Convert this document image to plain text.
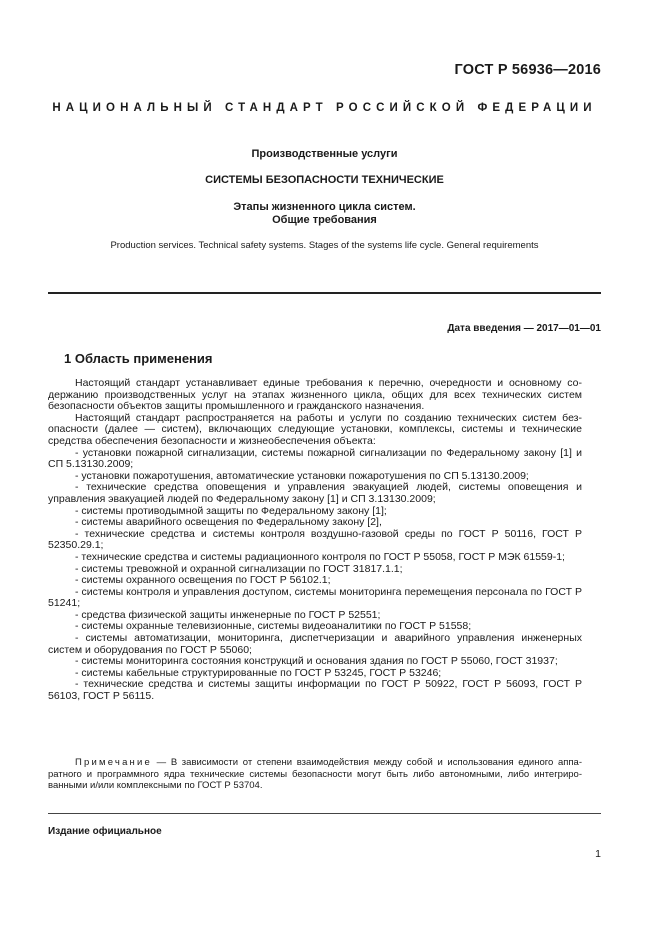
ГОСТ Р 56936—2016
НАЦИОНАЛЬНЫЙ СТАНДАРТ РОССИЙСКОЙ ФЕДЕРАЦИИ
Производственные услуги
СИСТЕМЫ БЕЗОПАСНОСТИ ТЕХНИЧЕСКИЕ
Этапы жизненного цикла систем.
Общие требования
Production services. Technical safety systems. Stages of the systems life cycle. General requirements
Дата введения — 2017—01—01
1 Область применения

Настоящий стандарт устанавливает единые требования к перечню, очередности и основному содержанию производственных услуг на этапах жизненного цикла, общих для всех технических систем безопасности объектов защиты промышленного и гражданского назначения.

Настоящий стандарт распространяется на работы и услуги по созданию технических систем безопасности (далее — систем), включающих следующие установки, комплексы, системы и технические средства обеспечения безопасности и жизнеобеспечения объекта:

- установки пожарной сигнализации, системы пожарной сигнализации по Федеральному закону [1] и СП 5.13130.2009;

- установки пожаротушения, автоматические установки пожаротушения по СП 5.13130.2009;

- технические средства оповещения и управления эвакуацией людей, системы оповещения и управления эвакуацией людей по Федеральному закону [1] и СП 3.13130.2009;

- системы противодымной защиты по Федеральному закону [1];

- системы аварийного освещения по Федеральному закону [2],

- технические средства и системы контроля воздушно-газовой среды по ГОСТ Р 50116, ГОСТ Р 52350.29.1;

- технические средства и системы радиационного контроля по ГОСТ Р 55058, ГОСТ Р МЭК 61559-1;

- системы тревожной и охранной сигнализации по ГОСТ 31817.1.1;

- системы охранного освещения по ГОСТ Р 56102.1;

- системы контроля и управления доступом, системы мониторинга перемещения персонала по ГОСТ Р 51241;

- средства физической защиты инженерные по ГОСТ Р 52551;

- системы охранные телевизионные, системы видеоаналитики по ГОСТ Р 51558;

- системы автоматизации, мониторинга, диспетчеризации и аварийного управления инженерных систем и оборудования по ГОСТ Р 55060;

- системы мониторинга состояния конструкций и основания здания по ГОСТ Р 55060, ГОСТ 31937;

- системы кабельные структурированные по ГОСТ Р 53245, ГОСТ Р 53246;

- технические средства и системы защиты информации по ГОСТ Р 50922, ГОСТ Р 56093, ГОСТ Р 56103, ГОСТ Р 56115.

Примечание — В зависимости от степени взаимодействия между собой и использования единого аппаратного и программного ядра технические системы безопасности могут быть либо автономными, либо интегрированными и/или комплексными по ГОСТ Р 53704.

Издание официальное
1
